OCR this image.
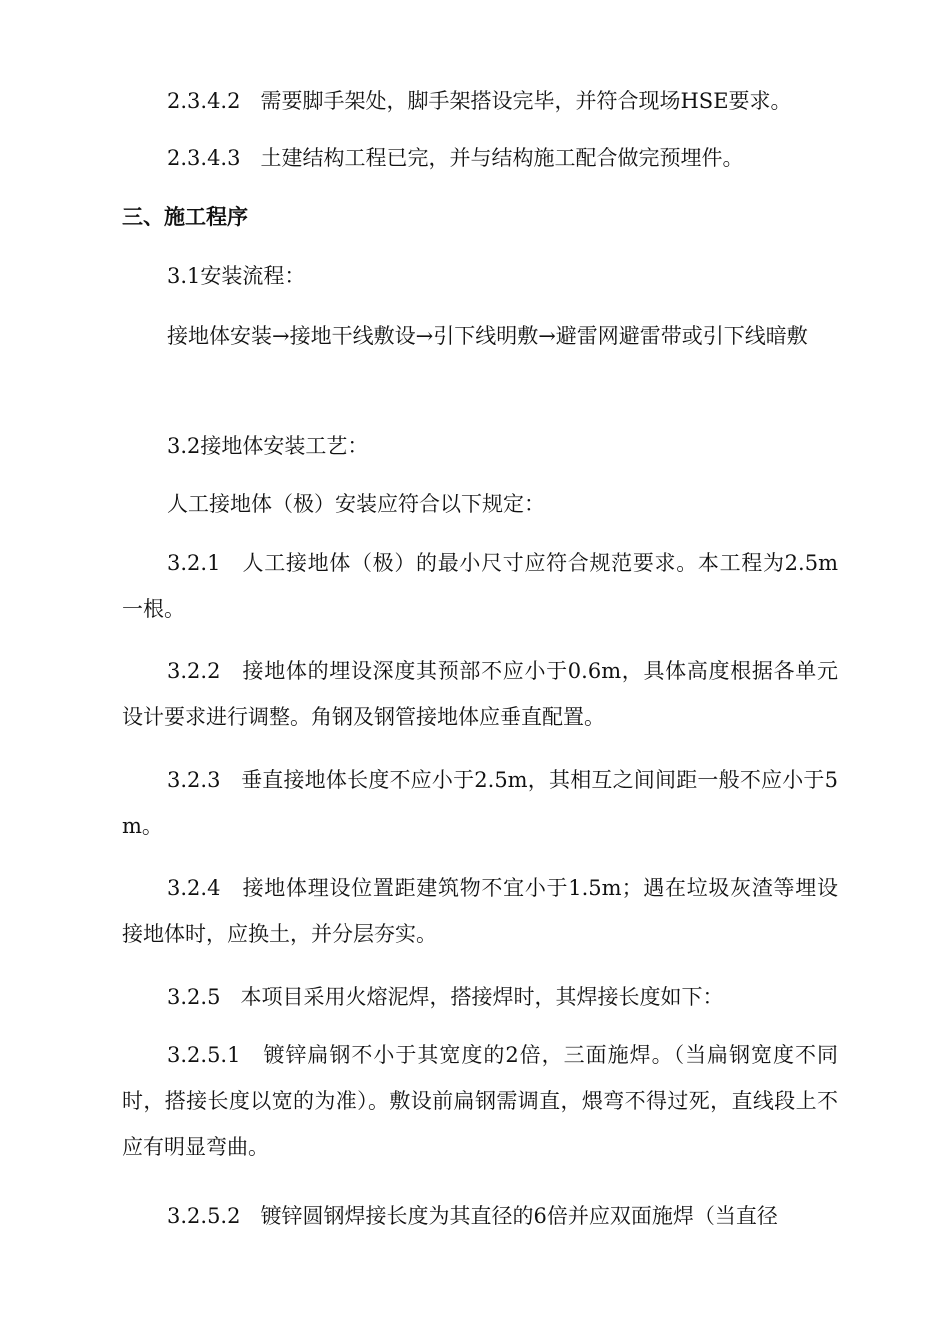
2.3.4.2   需要脚手架处，脚手架搭设完毕，并符合现场HSE要求。

2.3.4.3   土建结构工程已完，并与结构施工配合做完预埋件。

三、施工程序

3.1安装流程：

接地体安装→接地干线敷设→引下线明敷→避雷网避雷带或引下线暗敷

3.2接地体安装工艺：

人工接地体（极）安装应符合以下规定：

3.2.1   人工接地体（极）的最小尺寸应符合规范要求。本工程为2.5m一根。

3.2.2   接地体的埋设深度其预部不应小于0.6m，具体高度根据各单元设计要求进行调整。角钢及钢管接地体应垂直配置。

3.2.3   垂直接地体长度不应小于2.5m，其相互之间间距一般不应小于5m。

3.2.4   接地体理设位置距建筑物不宜小于1.5m；遇在垃圾灰渣等埋设接地体时，应换土，并分层夯实。

3.2.5   本项目采用火熔泥焊，搭接焊时，其焊接长度如下：

3.2.5.1   镀锌扁钢不小于其宽度的2倍，三面施焊。（当扁钢宽度不同时，搭接长度以宽的为准）。敷设前扁钢需调直，煨弯不得过死，直线段上不应有明显弯曲。

3.2.5.2   镀锌圆钢焊接长度为其直径的6倍并应双面施焊（当直径
